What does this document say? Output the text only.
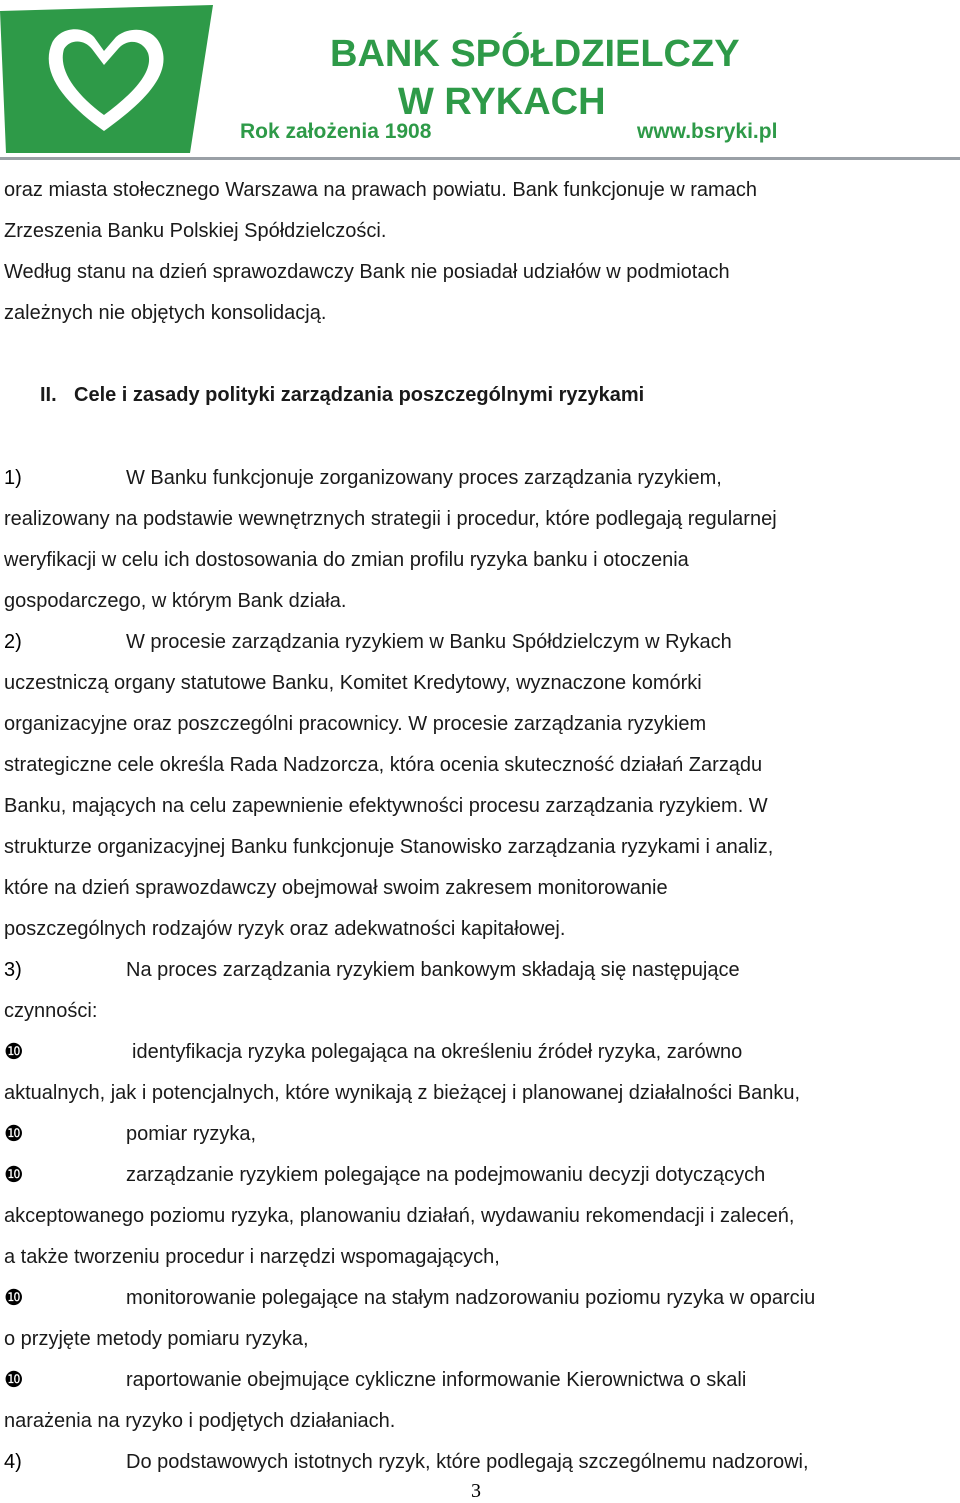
BANK SPÓŁDZIELCZY
W RYKACH
Rok założenia 1908	www.bsryki.pl
oraz miasta stołecznego Warszawa na prawach powiatu. Bank funkcjonuje w ramach
Zrzeszenia Banku Polskiej Spółdzielczości.
Według stanu na dzień sprawozdawczy Bank nie posiadał udziałów w podmiotach
zależnych nie objętych konsolidacją.
II. Cele i zasady polityki zarządzania poszczególnymi ryzykami
1)	W Banku funkcjonuje zorganizowany proces zarządzania ryzykiem,
realizowany na podstawie wewnętrznych strategii i procedur, które podlegają regularnej
weryfikacji w celu ich dostosowania do zmian profilu ryzyka banku i otoczenia
gospodarczego, w którym Bank działa.
2)	W procesie zarządzania ryzykiem w Banku Spółdzielczym w Rykach
uczestniczą organy statutowe Banku, Komitet Kredytowy, wyznaczone komórki
organizacyjne oraz poszczególni pracownicy. W procesie zarządzania ryzykiem
strategiczne cele określa Rada Nadzorcza, która ocenia skuteczność działań Zarządu
Banku, mających na celu zapewnienie efektywności procesu zarządzania ryzykiem. W
strukturze organizacyjnej Banku funkcjonuje Stanowisko zarządzania ryzykami i analiz,
które na dzień sprawozdawczy obejmował swoim zakresem monitorowanie
poszczególnych rodzajów ryzyk oraz adekwatności kapitałowej.
3)	Na proces zarządzania ryzykiem bankowym składają się następujące
czynności:
❿	identyfikacja ryzyka polegająca na określeniu źródeł ryzyka, zarówno
aktualnych, jak i potencjalnych, które wynikają z bieżącej i planowanej działalności Banku,
❿	pomiar ryzyka,
❿	zarządzanie ryzykiem polegające na podejmowaniu decyzji dotyczących
akceptowanego poziomu ryzyka, planowaniu działań, wydawaniu rekomendacji i zaleceń,
a także tworzeniu procedur i narzędzi wspomagających,
❿	monitorowanie polegające na stałym nadzorowaniu poziomu ryzyka w oparciu
o przyjęte metody pomiaru ryzyka,
❿	raportowanie obejmujące cykliczne informowanie Kierownictwa o skali
narażenia na ryzyko i podjętych działaniach.
4)	Do podstawowych istotnych ryzyk, które podlegają szczególnemu nadzorowi,
3
